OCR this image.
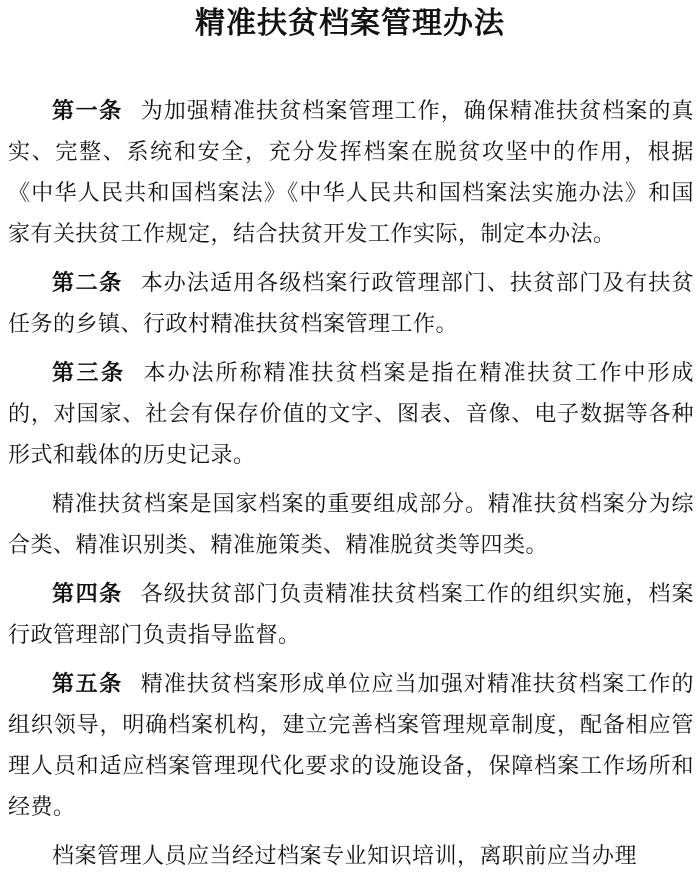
精准扶贫档案管理办法

第一条 为加强精准扶贫档案管理工作，确保精准扶贫档案的真实、完整、系统和安全，充分发挥档案在脱贫攻坚中的作用，根据《中华人民共和国档案法》《中华人民共和国档案法实施办法》和国家有关扶贫工作规定，结合扶贫开发工作实际，制定本办法。

第二条 本办法适用各级档案行政管理部门、扶贫部门及有扶贫任务的乡镇、行政村精准扶贫档案管理工作。

第三条 本办法所称精准扶贫档案是指在精准扶贫工作中形成的，对国家、社会有保存价值的文字、图表、音像、电子数据等各种形式和载体的历史记录。

精准扶贫档案是国家档案的重要组成部分。精准扶贫档案分为综合类、精准识别类、精准施策类、精准脱贫类等四类。

第四条 各级扶贫部门负责精准扶贫档案工作的组织实施，档案行政管理部门负责指导监督。

第五条 精准扶贫档案形成单位应当加强对精准扶贫档案工作的组织领导，明确档案机构，建立完善档案管理规章制度，配备相应管理人员和适应档案管理现代化要求的设施设备，保障档案工作场所和经费。

档案管理人员应当经过档案专业知识培训，离职前应当办理
